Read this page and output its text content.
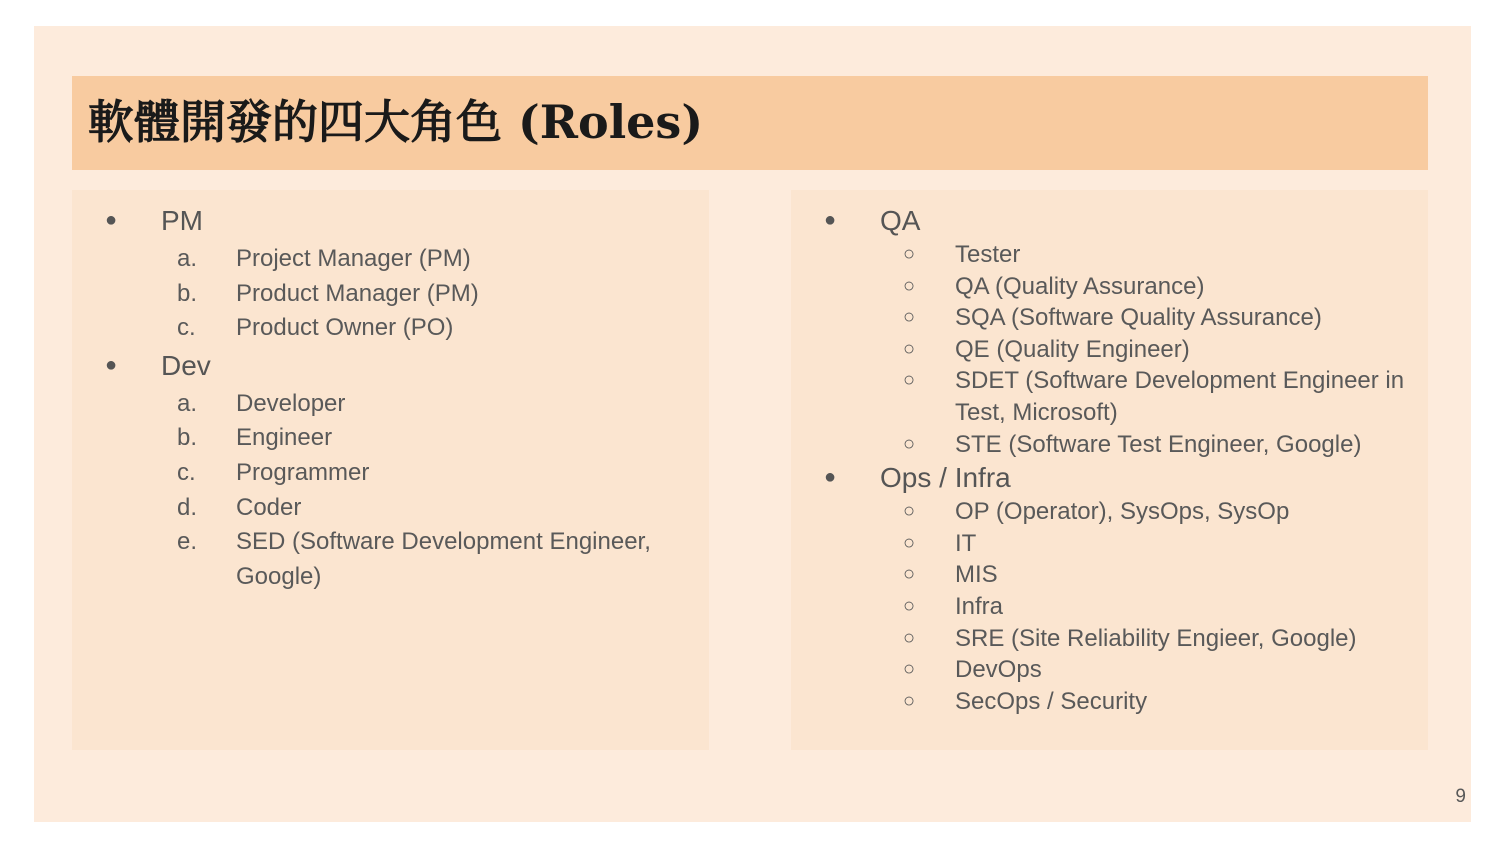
軟體開發的四大角色 (Roles)
● PM
a. Project Manager (PM)
b. Product Manager (PM)
c. Product Owner (PO)
● Dev
a. Developer
b. Engineer
c. Programmer
d. Coder
e. SED (Software Development Engineer, Google)
● QA
○ Tester
○ QA (Quality Assurance)
○ SQA (Software Quality Assurance)
○ QE (Quality Engineer)
○ SDET (Software Development Engineer in Test, Microsoft)
○ STE (Software Test Engineer, Google)
● Ops / Infra
○ OP (Operator), SysOps, SysOp
○ IT
○ MIS
○ Infra
○ SRE (Site Reliability Engieer, Google)
○ DevOps
○ SecOps / Security
9
